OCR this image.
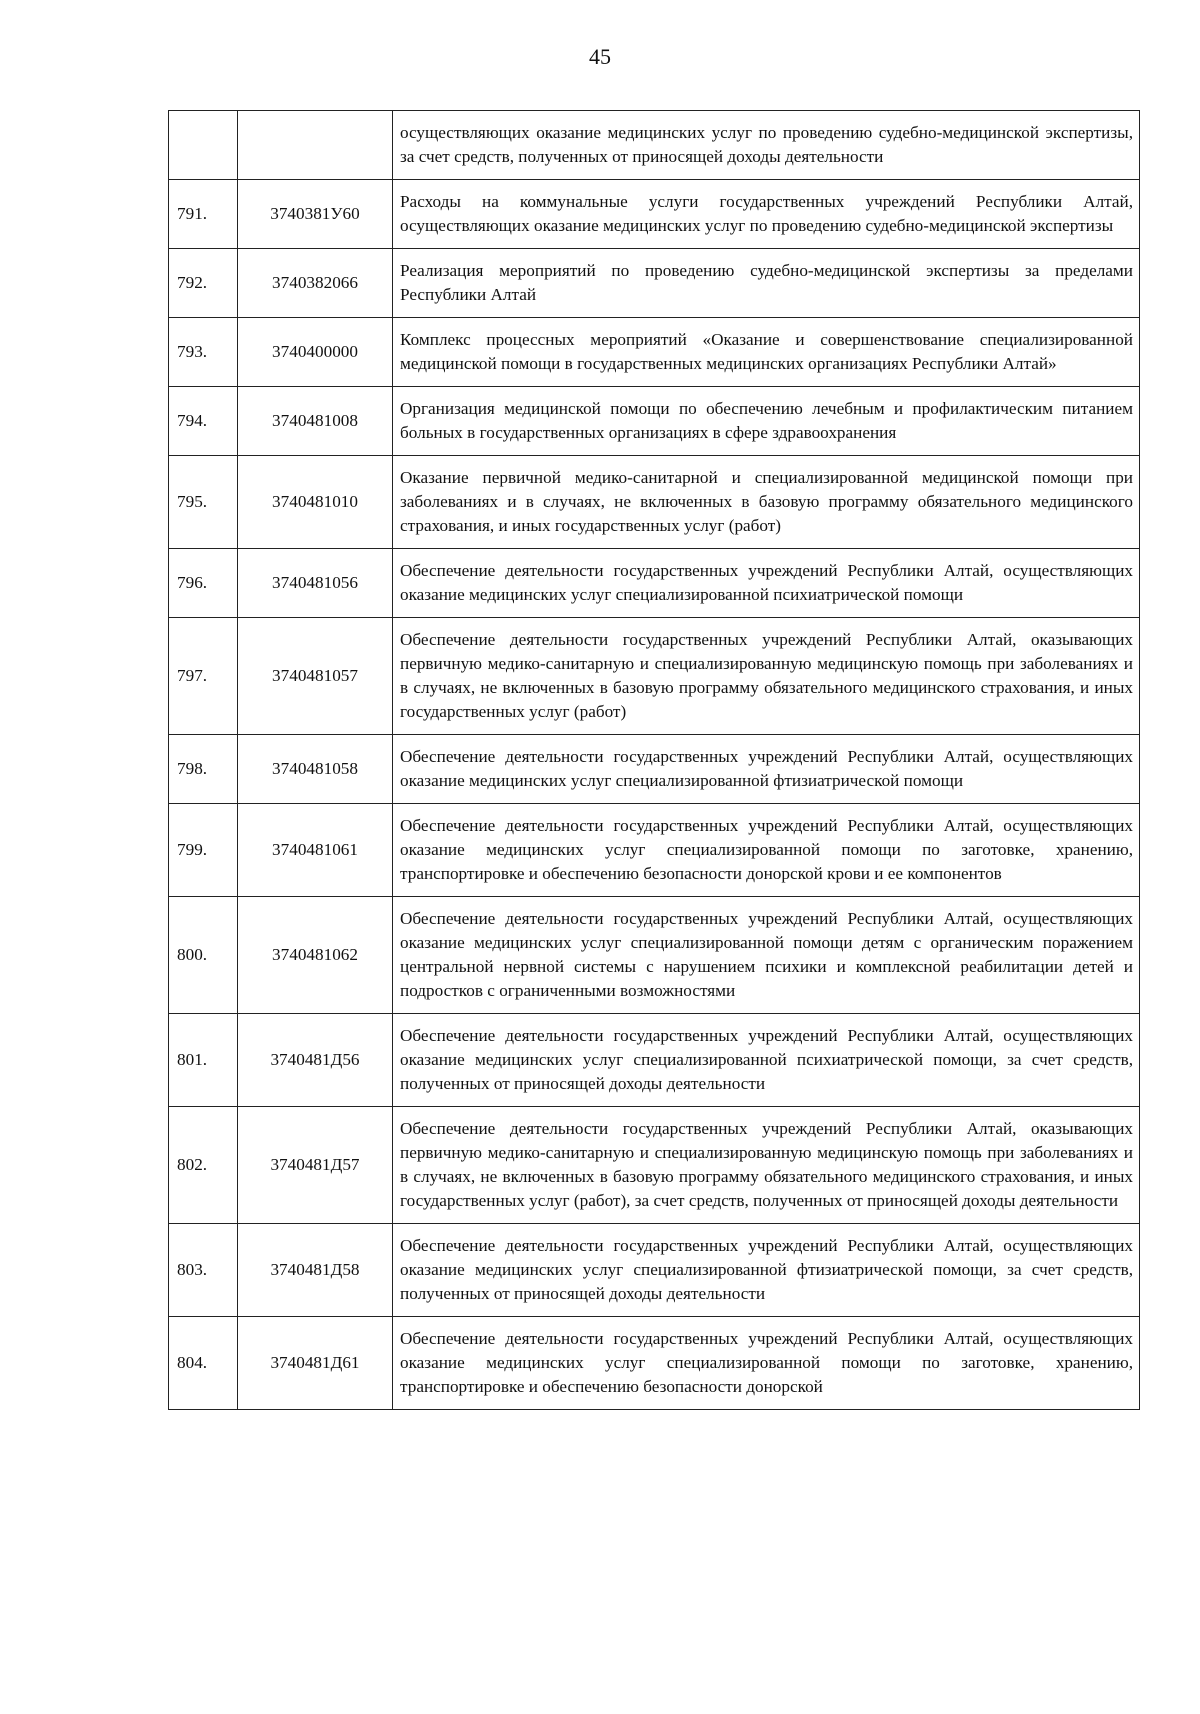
45
		осуществляющих оказание медицинских услуг по проведению судебно-медицинской экспертизы, за счет средств, полученных от приносящей доходы деятельности
791.	3740381У60	Расходы на коммунальные услуги государственных учреждений Республики Алтай, осуществляющих оказание медицинских услуг по проведению судебно-медицинской экспертизы
792.	3740382066	Реализация мероприятий по проведению судебно-медицинской экспертизы за пределами Республики Алтай
793.	3740400000	Комплекс процессных мероприятий «Оказание и совершенствование специализированной медицинской помощи в государственных медицинских организациях Республики Алтай»
794.	3740481008	Организация медицинской помощи по обеспечению лечебным и профилактическим питанием больных в государственных организациях в сфере здравоохранения
795.	3740481010	Оказание первичной медико-санитарной и специализированной медицинской помощи при заболеваниях и в случаях, не включенных в базовую программу обязательного медицинского страхования, и иных государственных услуг (работ)
796.	3740481056	Обеспечение деятельности государственных учреждений Республики Алтай, осуществляющих оказание медицинских услуг специализированной психиатрической помощи
797.	3740481057	Обеспечение деятельности государственных учреждений Республики Алтай, оказывающих первичную медико-санитарную и специализированную медицинскую помощь при заболеваниях и в случаях, не включенных в базовую программу обязательного медицинского страхования, и иных государственных услуг (работ)
798.	3740481058	Обеспечение деятельности государственных учреждений Республики Алтай, осуществляющих оказание медицинских услуг специализированной фтизиатрической помощи
799.	3740481061	Обеспечение деятельности государственных учреждений Республики Алтай, осуществляющих оказание медицинских услуг специализированной помощи по заготовке, хранению, транспортировке и обеспечению безопасности донорской крови и ее компонентов
800.	3740481062	Обеспечение деятельности государственных учреждений Республики Алтай, осуществляющих оказание медицинских услуг специализированной помощи детям с органическим поражением центральной нервной системы с нарушением психики и комплексной реабилитации детей и подростков с ограниченными возможностями
801.	3740481Д56	Обеспечение деятельности государственных учреждений Республики Алтай, осуществляющих оказание медицинских услуг специализированной психиатрической помощи, за счет средств, полученных от приносящей доходы деятельности
802.	3740481Д57	Обеспечение деятельности государственных учреждений Республики Алтай, оказывающих первичную медико-санитарную и специализированную медицинскую помощь при заболеваниях и в случаях, не включенных в базовую программу обязательного медицинского страхования, и иных государственных услуг (работ), за счет средств, полученных от приносящей доходы деятельности
803.	3740481Д58	Обеспечение деятельности государственных учреждений Республики Алтай, осуществляющих оказание медицинских услуг специализированной фтизиатрической помощи, за счет средств, полученных от приносящей доходы деятельности
804.	3740481Д61	Обеспечение деятельности государственных учреждений Республики Алтай, осуществляющих оказание медицинских услуг специализированной помощи по заготовке, хранению, транспортировке и обеспечению безопасности донорской
